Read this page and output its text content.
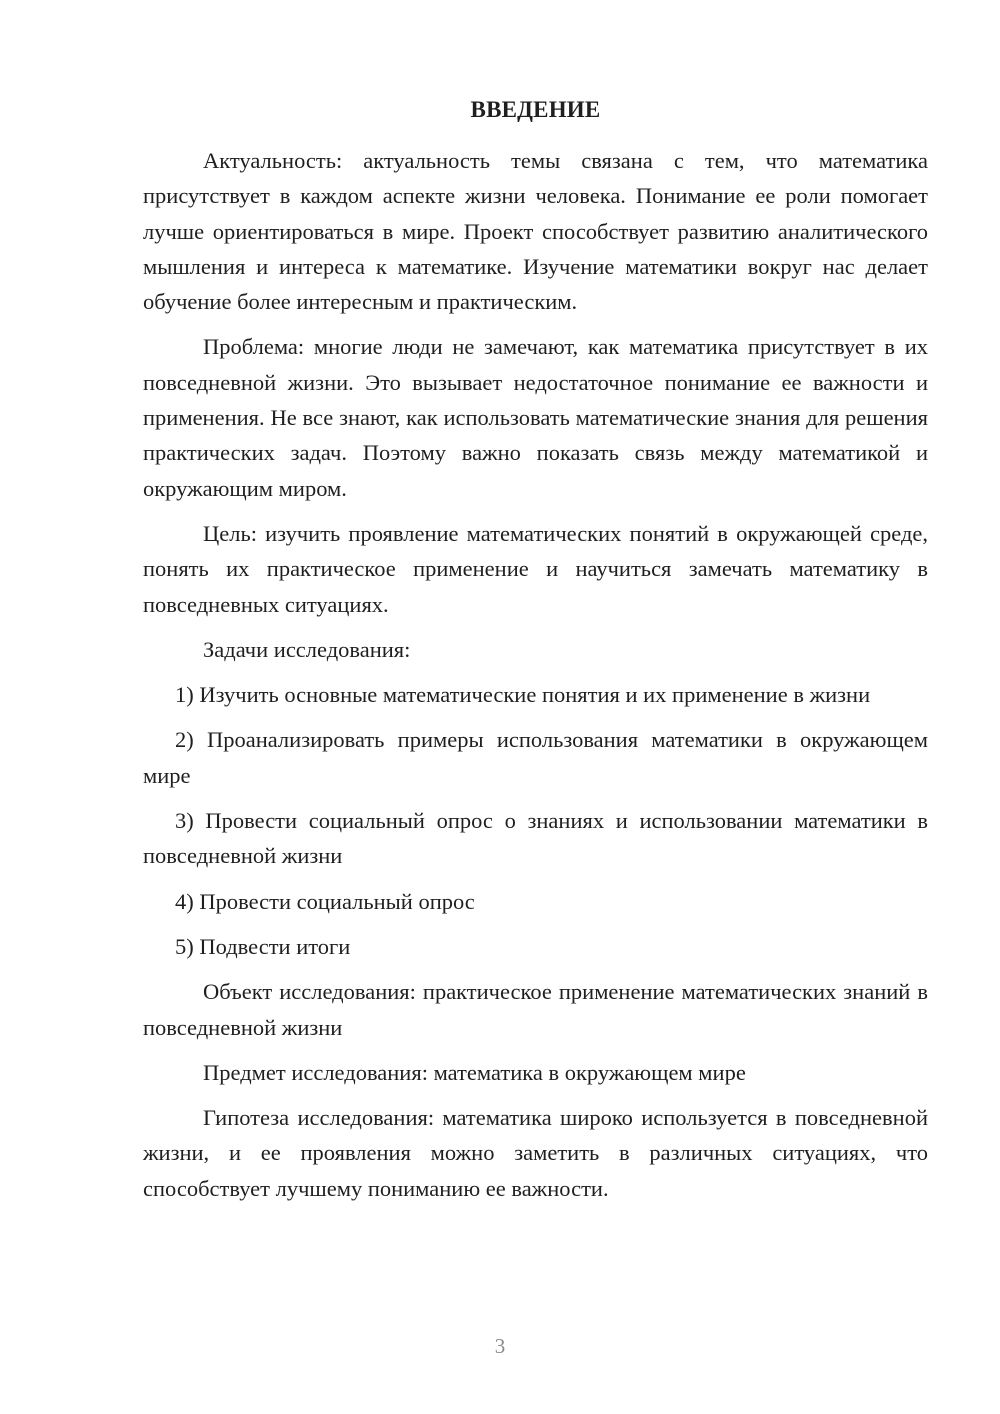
ВВЕДЕНИЕ

Актуальность: актуальность темы связана с тем, что математика присутствует в каждом аспекте жизни человека. Понимание ее роли помогает лучше ориентироваться в мире. Проект способствует развитию аналитического мышления и интереса к математике. Изучение математики вокруг нас делает обучение более интересным и практическим.

Проблема: многие люди не замечают, как математика присутствует в их повседневной жизни. Это вызывает недостаточное понимание ее важности и применения. Не все знают, как использовать математические знания для решения практических задач. Поэтому важно показать связь между математикой и окружающим миром.

Цель: изучить проявление математических понятий в окружающей среде, понять их практическое применение и научиться замечать математику в повседневных ситуациях.

Задачи исследования:

1) Изучить основные математические понятия и их применение в жизни

2) Проанализировать примеры использования математики в окружающем мире

3) Провести социальный опрос о знаниях и использовании математики в повседневной жизни

4) Провести социальный опрос

5) Подвести итоги

Объект исследования: практическое применение математических знаний в повседневной жизни

Предмет исследования: математика в окружающем мире

Гипотеза исследования: математика широко используется в повседневной жизни, и ее проявления можно заметить в различных ситуациях, что способствует лучшему пониманию ее важности.

3
